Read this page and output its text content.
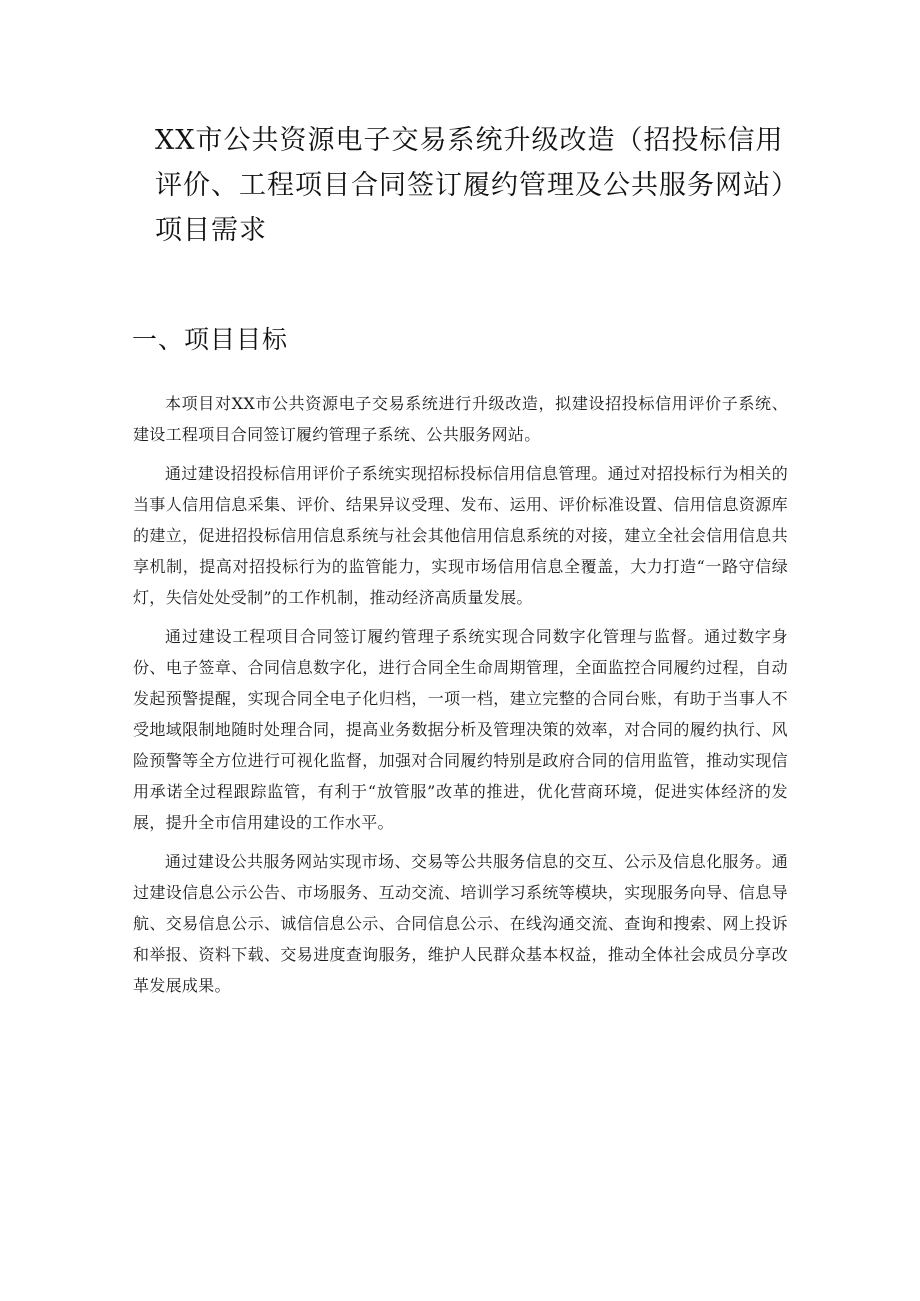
XX市公共资源电子交易系统升级改造（招投标信用评价、工程项目合同签订履约管理及公共服务网站）项目需求
一、项目目标

本项目对XX市公共资源电子交易系统进行升级改造，拟建设招投标信用评价子系统、建设工程项目合同签订履约管理子系统、公共服务网站。

通过建设招投标信用评价子系统实现招标投标信用信息管理。通过对招投标行为相关的当事人信用信息采集、评价、结果异议受理、发布、运用、评价标准设置、信用信息资源库的建立，促进招投标信用信息系统与社会其他信用信息系统的对接，建立全社会信用信息共享机制，提高对招投标行为的监管能力，实现市场信用信息全覆盖，大力打造“一路守信绿灯，失信处处受制”的工作机制，推动经济高质量发展。

通过建设工程项目合同签订履约管理子系统实现合同数字化管理与监督。通过数字身份、电子签章、合同信息数字化，进行合同全生命周期管理，全面监控合同履约过程，自动发起预警提醒，实现合同全电子化归档，一项一档，建立完整的合同台账，有助于当事人不受地域限制地随时处理合同，提高业务数据分析及管理决策的效率，对合同的履约执行、风险预警等全方位进行可视化监督，加强对合同履约特别是政府合同的信用监管，推动实现信用承诺全过程跟踪监管，有利于“放管服”改革的推进，优化营商环境，促进实体经济的发展，提升全市信用建设的工作水平。

通过建设公共服务网站实现市场、交易等公共服务信息的交互、公示及信息化服务。通过建设信息公示公告、市场服务、互动交流、培训学习系统等模块，实现服务向导、信息导航、交易信息公示、诚信信息公示、合同信息公示、在线沟通交流、查询和搜索、网上投诉和举报、资料下载、交易进度查询服务，维护人民群众基本权益，推动全体社会成员分享改革发展成果。
